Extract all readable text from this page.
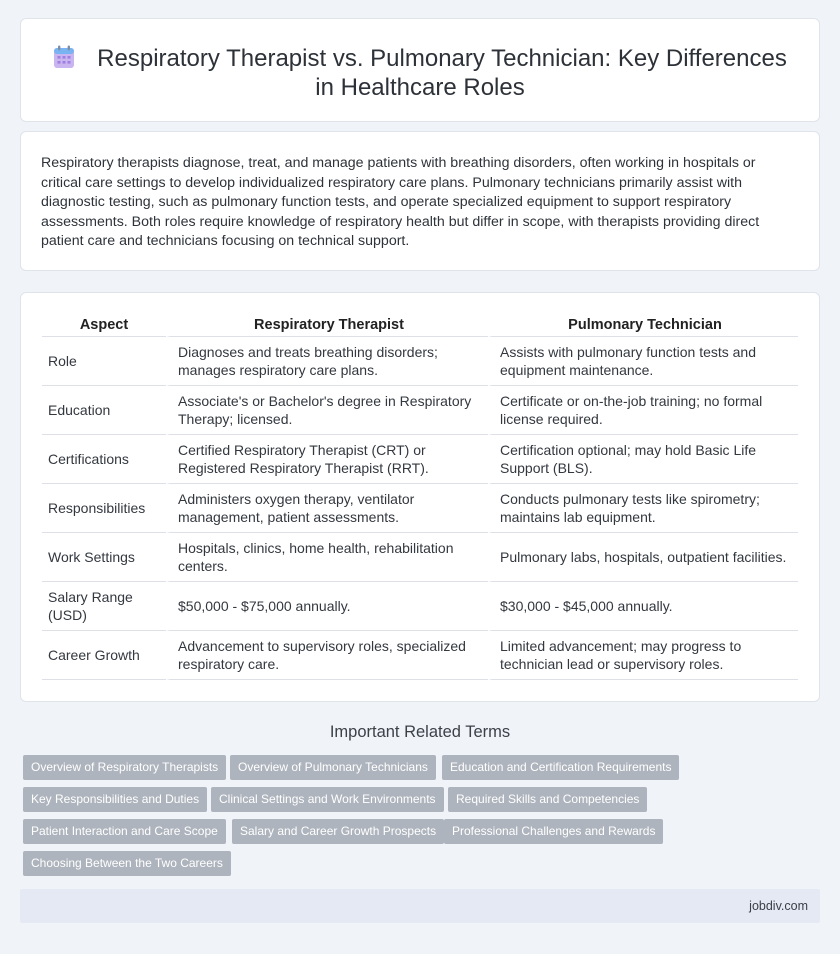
Respiratory Therapist vs. Pulmonary Technician: Key Differences in Healthcare Roles

Respiratory therapists diagnose, treat, and manage patients with breathing disorders, often working in hospitals or critical care settings to develop individualized respiratory care plans. Pulmonary technicians primarily assist with diagnostic testing, such as pulmonary function tests, and operate specialized equipment to support respiratory assessments. Both roles require knowledge of respiratory health but differ in scope, with therapists providing direct patient care and technicians focusing on technical support.

Aspect	Respiratory Therapist	Pulmonary Technician
Role	Diagnoses and treats breathing disorders; manages respiratory care plans.	Assists with pulmonary function tests and equipment maintenance.
Education	Associate's or Bachelor's degree in Respiratory Therapy; licensed.	Certificate or on-the-job training; no formal license required.
Certifications	Certified Respiratory Therapist (CRT) or Registered Respiratory Therapist (RRT).	Certification optional; may hold Basic Life Support (BLS).
Responsibilities	Administers oxygen therapy, ventilator management, patient assessments.	Conducts pulmonary tests like spirometry; maintains lab equipment.
Work Settings	Hospitals, clinics, home health, rehabilitation centers.	Pulmonary labs, hospitals, outpatient facilities.
Salary Range (USD)	$50,000 - $75,000 annually.	$30,000 - $45,000 annually.
Career Growth	Advancement to supervisory roles, specialized respiratory care.	Limited advancement; may progress to technician lead or supervisory roles.
Important Related Terms
Overview of Respiratory Therapists	Overview of Pulmonary Technicians	Education and Certification Requirements
Key Responsibilities and Duties	Clinical Settings and Work Environments	Required Skills and Competencies
Patient Interaction and Care Scope	Salary and Career Growth Prospects	Professional Challenges and Rewards
Choosing Between the Two Careers
jobdiv.com
